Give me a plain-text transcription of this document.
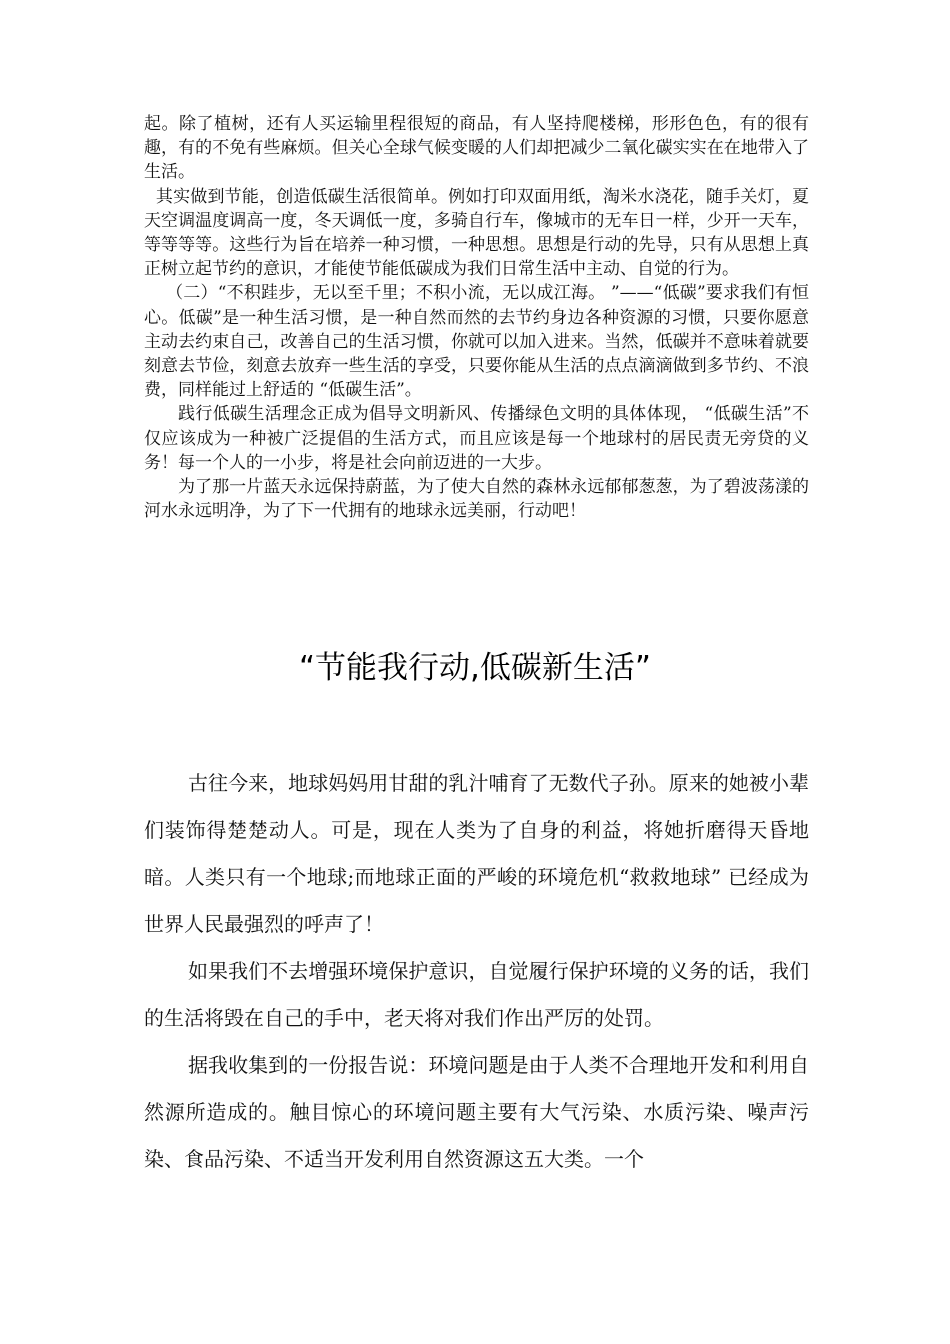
起。除了植树，还有人买运输里程很短的商品，有人坚持爬楼梯，形形色色，有的很有趣，有的不免有些麻烦。但关心全球气候变暖的人们却把减少二氧化碳实实在在地带入了生活。

其实做到节能，创造低碳生活很简单。例如打印双面用纸，淘米水浇花，随手关灯，夏天空调温度调高一度，冬天调低一度，多骑自行车，像城市的无车日一样，少开一天车，等等等等。这些行为旨在培养一种习惯，一种思想。思想是行动的先导，只有从思想上真正树立起节约的意识，才能使节能低碳成为我们日常生活中主动、自觉的行为。

（二）“不积跬步，无以至千里；不积小流，无以成江海。 ”——“低碳”要求我们有恒心。低碳”是一种生活习惯，是一种自然而然的去节约身边各种资源的习惯，只要你愿意主动去约束自己，改善自己的生活习惯，你就可以加入进来。当然，低碳并不意味着就要刻意去节俭，刻意去放弃一些生活的享受，只要你能从生活的点点滴滴做到多节约、不浪费，同样能过上舒适的 “低碳生活”。

践行低碳生活理念正成为倡导文明新风、传播绿色文明的具体体现， “低碳生活”不仅应该成为一种被广泛提倡的生活方式，而且应该是每一个地球村的居民责无旁贷的义务！每一个人的一小步，将是社会向前迈进的一大步。

为了那一片蓝天永远保持蔚蓝，为了使大自然的森林永远郁郁葱葱，为了碧波荡漾的河水永远明净，为了下一代拥有的地球永远美丽，行动吧！

“节能我行动,低碳新生活”

古往今来，地球妈妈用甘甜的乳汁哺育了无数代子孙。原来的她被小辈们装饰得楚楚动人。可是，现在人类为了自身的利益，将她折磨得天昏地暗。人类只有一个地球;而地球正面的严峻的环境危机“救救地球” 已经成为世界人民最强烈的呼声了！

如果我们不去增强环境保护意识，自觉履行保护环境的义务的话，我们的生活将毁在自己的手中，老天将对我们作出严厉的处罚。

据我收集到的一份报告说：环境问题是由于人类不合理地开发和利用自然源所造成的。触目惊心的环境问题主要有大气污染、水质污染、噪声污染、食品污染、不适当开发利用自然资源这五大类。一个
